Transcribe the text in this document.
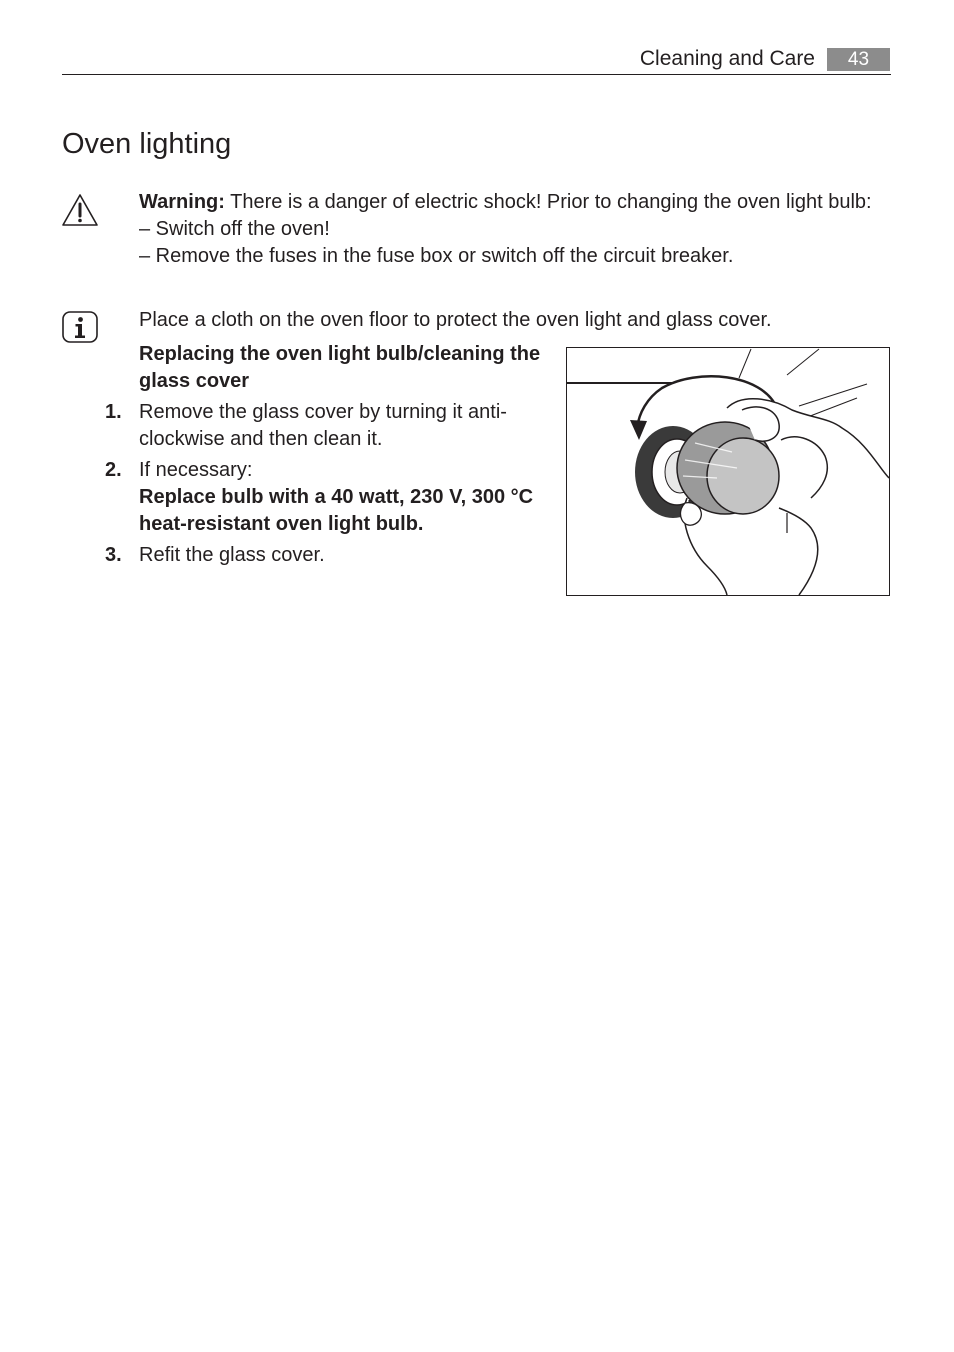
Cleaning and Care	43
Oven lighting

Warning: There is a danger of electric shock! Prior to changing the oven light bulb:

– Switch off the oven!

– Remove the fuses in the fuse box or switch off the circuit breaker.

Place a cloth on the oven floor to protect the oven light and glass cover.

Replacing the oven light bulb/cleaning the glass cover

1. Remove the glass cover by turning it anti-clockwise and then clean it.
2. If necessary:
Replace bulb with a 40 watt, 230 V, 300 °C heat-resistant oven light bulb.
3. Refit the glass cover.
